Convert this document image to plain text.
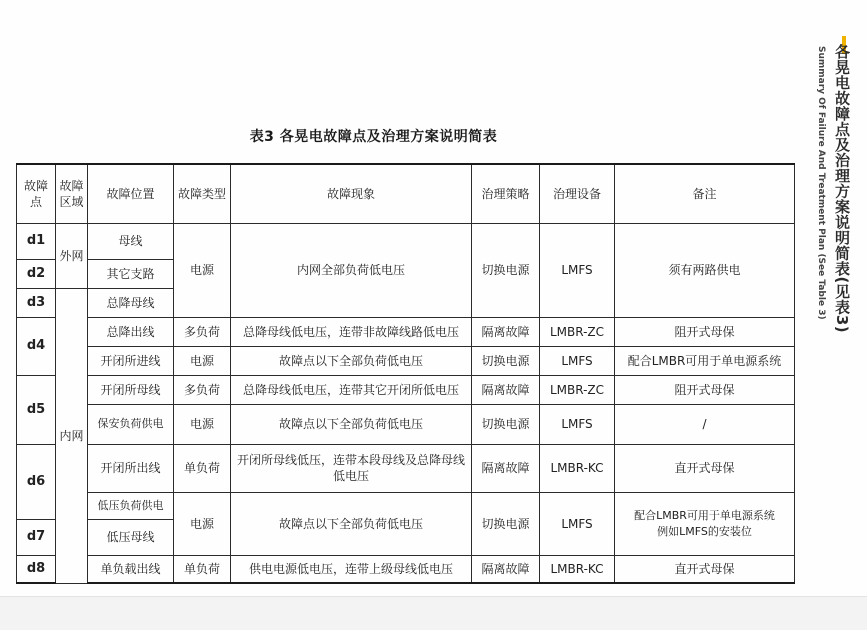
表3 各晃电故障点及治理方案说明简表
故障点	故障区域	故障位置	故障类型	故障现象	治理策略	治理设备	备注
d1	外网	母线	电源	内网全部负荷低电压	切换电源	LMFS	须有两路供电
d2		其它支路					
d3	内网	总降母线					
d4		总降出线	多负荷	总降母线低电压，连带非故障线路低电压	隔离故障	LMBR-ZC	阻开式母保
		开闭所进线	电源	故障点以下全部负荷低电压	切换电源	LMFS	配合LMBR可用于单电源系统
d5		开闭所母线	多负荷	总降母线低电压，连带其它开闭所低电压	隔离故障	LMBR-ZC	阻开式母保
		保安负荷供电	电源	故障点以下全部负荷低电压	切换电源	LMFS	/
d6		开闭所出线	单负荷	开闭所母线低压，连带本段母线及总降母线低电压	隔离故障	LMBR-KC	直开式母保
		低压负荷供电	电源	故障点以下全部负荷低电压	切换电源	LMFS	配合LMBR可用于单电源系统
例如LMFS的安装位
d7		低压母线					
d8		单负载出线	单负荷	供电电源低电压，连带上级母线低电压	隔离故障	LMBR-KC	直开式母保
各晃电故障点及治理方案说明简表(见表3)
Summary Of Failure And Treatment Plan (See Table 3)
